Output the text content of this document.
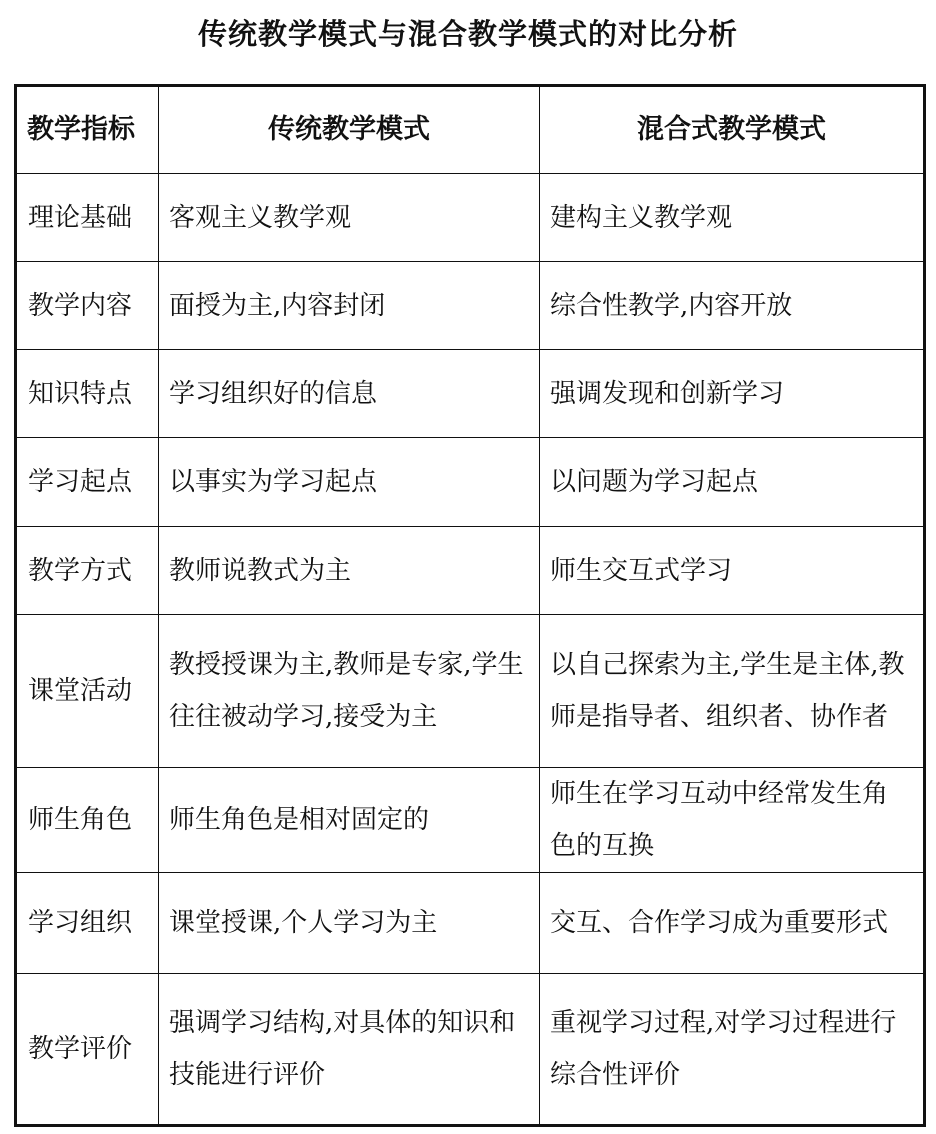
传统教学模式与混合教学模式的对比分析
教学指标	传统教学模式	混合式教学模式
理论基础	客观主义教学观	建构主义教学观
教学内容	面授为主,内容封闭	综合性教学,内容开放
知识特点	学习组织好的信息	强调发现和创新学习
学习起点	以事实为学习起点	以问题为学习起点
教学方式	教师说教式为主	师生交互式学习
课堂活动	教授授课为主,教师是专家,学生往往被动学习,接受为主	以自己探索为主,学生是主体,教师是指导者、组织者、协作者
师生角色	师生角色是相对固定的	师生在学习互动中经常发生角色的互换
学习组织	课堂授课,个人学习为主	交互、合作学习成为重要形式
教学评价	强调学习结构,对具体的知识和技能进行评价	重视学习过程,对学习过程进行综合性评价
